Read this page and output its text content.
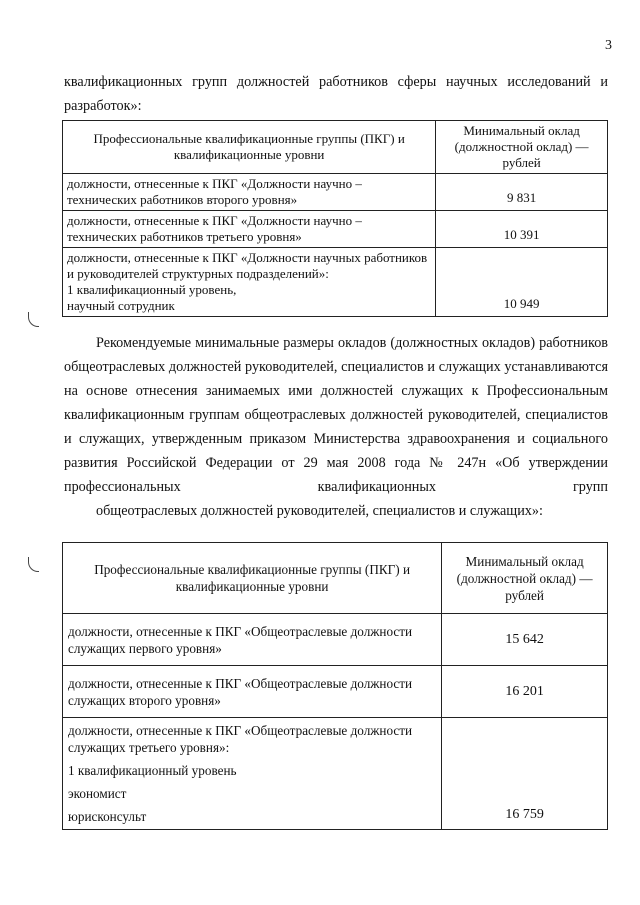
3
квалификационных групп должностей работников сферы научных исследований и разработок»:
Профессиональные квалификационные группы (ПКГ) и квалификационные уровни	Минимальный оклад (должностной оклад) — рублей
должности, отнесенные к ПКГ «Должности научно – технических работников второго уровня»	9 831
должности, отнесенные к ПКГ «Должности научно – технических работников третьего уровня»	10 391

должности, отнесенные к ПКГ «Должности научных работников и руководителей структурных подразделений»:
1 квалификационный уровень,
научный сотрудник	10 949
Рекомендуемые минимальные размеры окладов (должностных окладов) работников общеотраслевых должностей руководителей, специалистов и служащих устанавливаются на основе отнесения занимаемых ими должностей служащих к Профессиональным квалификационным группам общеотраслевых должностей руководителей, специалистов и служащих, утвержденным приказом Министерства здравоохранения и социального развития Российской Федерации от 29 мая 2008 года № 247н «Об утверждении профессиональных квалификационных групп
общеотраслевых должностей руководителей, специалистов и служащих»:
Профессиональные квалификационные группы (ПКГ) и квалификационные уровни	Минимальный оклад (должностной оклад) — рублей
должности, отнесенные к ПКГ «Общеотраслевые должности служащих первого уровня»	15 642
должности, отнесенные к ПКГ «Общеотраслевые должности служащих второго уровня»	16 201

должности, отнесенные к ПКГ «Общеотраслевые должности служащих третьего уровня»:
1 квалификационный уровень
экономист
юрисконсульт	16 759
